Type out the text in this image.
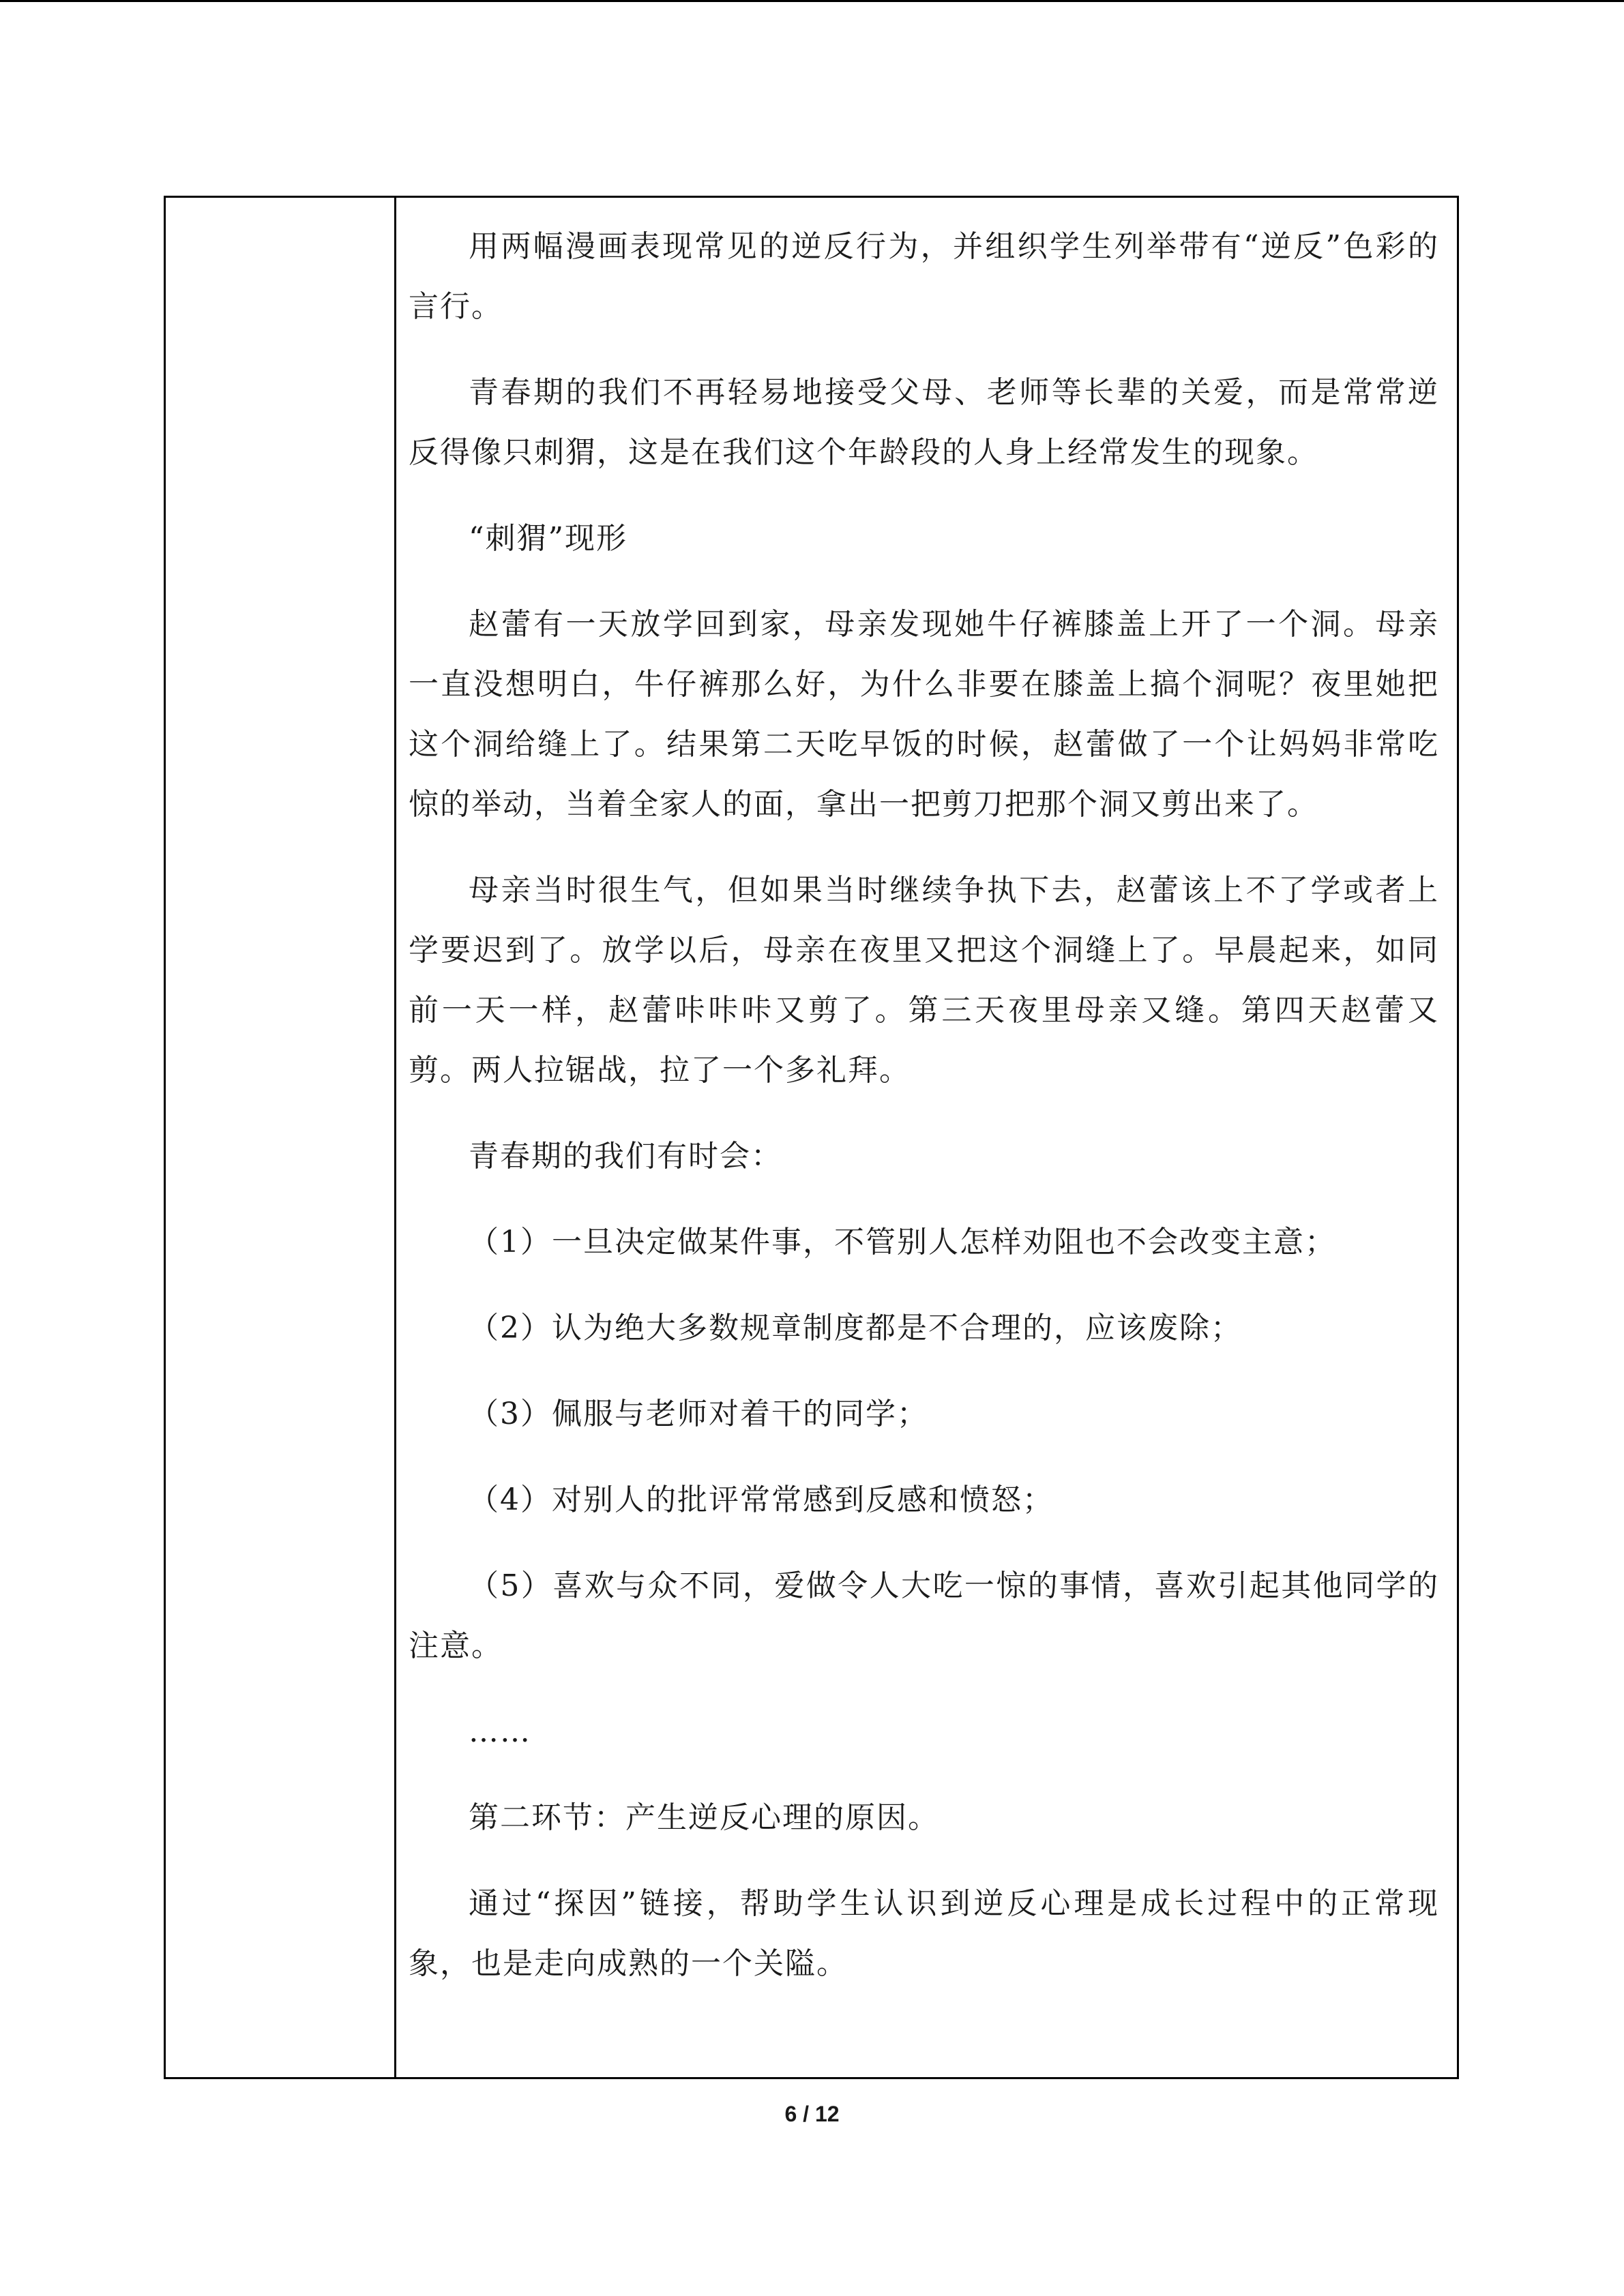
用两幅漫画表现常见的逆反行为，并组织学生列举带有“逆反”色彩的言行。

青春期的我们不再轻易地接受父母、老师等长辈的关爱，而是常常逆反得像只刺猬，这是在我们这个年龄段的人身上经常发生的现象。

“刺猬”现形

赵蕾有一天放学回到家，母亲发现她牛仔裤膝盖上开了一个洞。母亲一直没想明白，牛仔裤那么好，为什么非要在膝盖上搞个洞呢？夜里她把这个洞给缝上了。结果第二天吃早饭的时候，赵蕾做了一个让妈妈非常吃惊的举动，当着全家人的面，拿出一把剪刀把那个洞又剪出来了。

母亲当时很生气，但如果当时继续争执下去，赵蕾该上不了学或者上学要迟到了。放学以后，母亲在夜里又把这个洞缝上了。早晨起来，如同前一天一样，赵蕾咔咔咔又剪了。第三天夜里母亲又缝。第四天赵蕾又剪。两人拉锯战，拉了一个多礼拜。

青春期的我们有时会：

（1）一旦决定做某件事，不管别人怎样劝阻也不会改变主意；

（2）认为绝大多数规章制度都是不合理的，应该废除；

（3）佩服与老师对着干的同学；

（4）对别人的批评常常感到反感和愤怒；

（5）喜欢与众不同，爱做令人大吃一惊的事情，喜欢引起其他同学的注意。

……

第二环节：产生逆反心理的原因。

通过“探因”链接，帮助学生认识到逆反心理是成长过程中的正常现象，也是走向成熟的一个关隘。

6 / 12
